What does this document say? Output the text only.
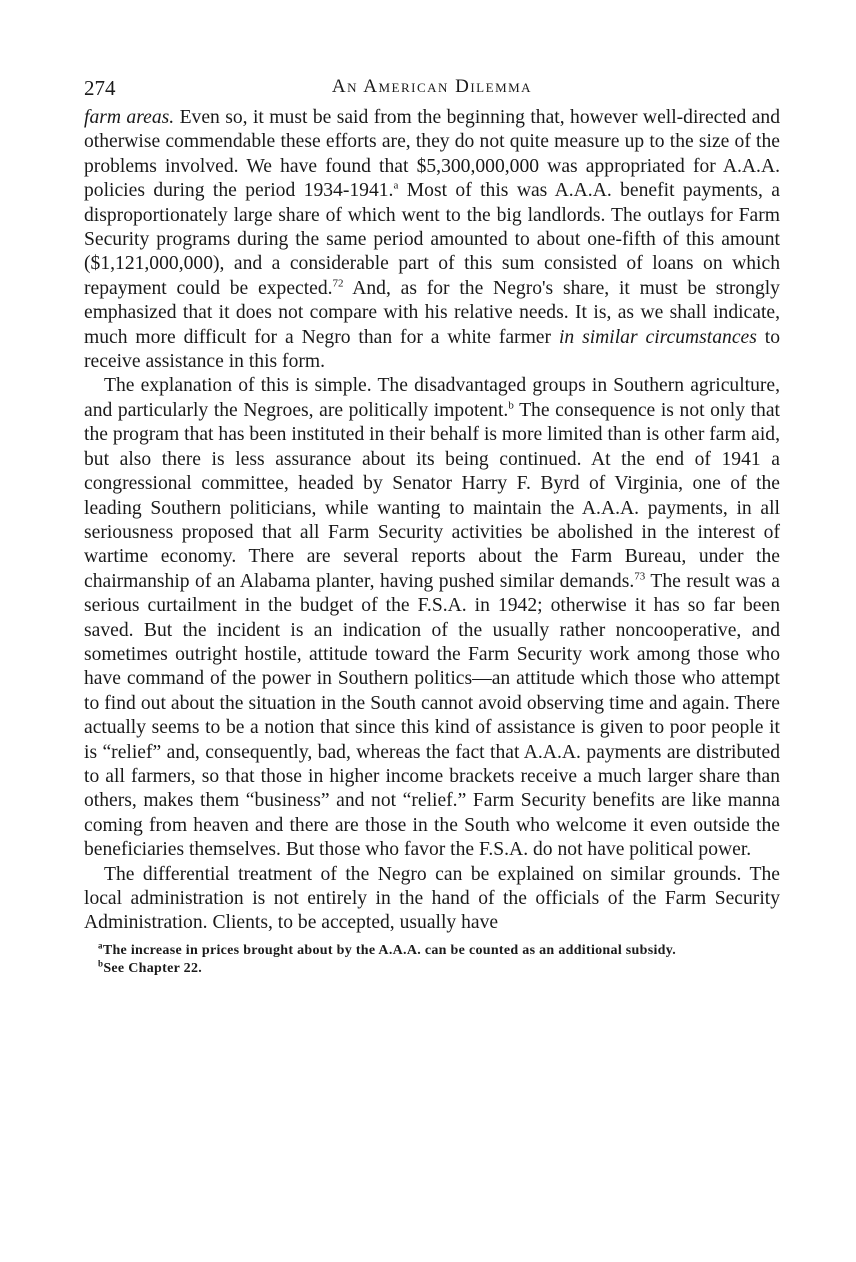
274	An American Dilemma

farm areas. Even so, it must be said from the beginning that, however well-directed and otherwise commendable these efforts are, they do not quite measure up to the size of the problems involved. We have found that $5,300,000,000 was appropriated for A.A.A. policies during the period 1934-1941.$^a$ Most of this was A.A.A. benefit payments, a disproportionately large share of which went to the big landlords. The outlays for Farm Security programs during the same period amounted to about one-fifth of this amount ($1,121,000,000), and a considerable part of this sum consisted of loans on which repayment could be expected.$^{72}$ And, as for the Negro's share, it must be strongly emphasized that it does not compare with his relative needs. It is, as we shall indicate, much more difficult for a Negro than for a white farmer in similar circumstances to receive assistance in this form.

The explanation of this is simple. The disadvantaged groups in Southern agriculture, and particularly the Negroes, are politically impotent.$^b$ The consequence is not only that the program that has been instituted in their behalf is more limited than is other farm aid, but also there is less assurance about its being continued. At the end of 1941 a congressional committee, headed by Senator Harry F. Byrd of Virginia, one of the leading Southern politicians, while wanting to maintain the A.A.A. payments, in all seriousness proposed that all Farm Security activities be abolished in the interest of wartime economy. There are several reports about the Farm Bureau, under the chairmanship of an Alabama planter, having pushed similar demands.$^{73}$ The result was a serious curtailment in the budget of the F.S.A. in 1942; otherwise it has so far been saved. But the incident is an indication of the usually rather noncooperative, and sometimes outright hostile, attitude toward the Farm Security work among those who have command of the power in Southern politics—an attitude which those who attempt to find out about the situation in the South cannot avoid observing time and again. There actually seems to be a notion that since this kind of assistance is given to poor people it is “relief” and, consequently, bad, whereas the fact that A.A.A. payments are distributed to all farmers, so that those in higher income brackets receive a much larger share than others, makes them “business” and not “relief.” Farm Security benefits are like manna coming from heaven and there are those in the South who welcome it even outside the beneficiaries themselves. But those who favor the F.S.A. do not have political power.

The differential treatment of the Negro can be explained on similar grounds. The local administration is not entirely in the hand of the officials of the Farm Security Administration. Clients, to be accepted, usually have

$^a$The increase in prices brought about by the A.A.A. can be counted as an additional subsidy.

$^b$See Chapter 22.
